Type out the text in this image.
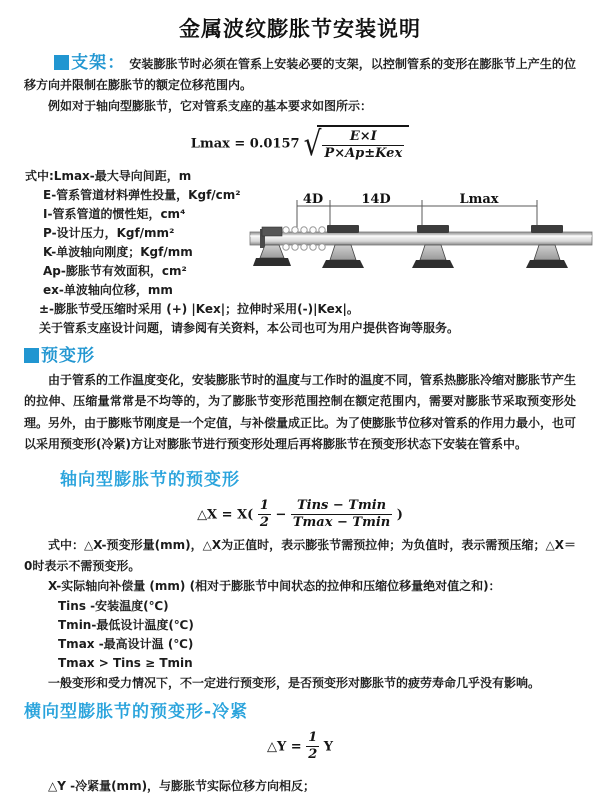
金属波纹膨胀节安装说明
支架： 安装膨胀节时必须在管系上安装必要的支架，以控制管系的变形在膨胀节上产生的位移方向并限制在膨胀节的额定位移范围内。
例如对于轴向型膨胀节，它对管系支座的基本要求如图所示：
Lmax = 0.0157 √ $\frac{E\times I}{\text{P×Ap±Kex}}$
式中:Lmax-最大导向间距，m
E-管系管道材料弹性投量，Kgf/cm²
I-管系管道的惯性矩，cm⁴
P-设计压力，Kgf/mm²
K-单波轴向刚度；Kgf/mm
Ap-膨胀节有效面积，cm²
ex-单波轴向位移，mm
±-膨胀节受压缩时采用 (+) |Kex|；拉伸时采用(-)|Kex|。
关于管系支座设计问题，请参阅有关资料，本公司也可为用户提供咨询等服务。
4D	14D	Lmax
预变形
由于管系的工作温度变化，安装膨胀节时的温度与工作时的温度不同，管系热膨胀冷缩对膨胀节产生的拉伸、压缩量常常是不均等的，为了膨胀节变形范围控制在额定范围内，需要对膨胀节采取预变形处理。另外，由于膨账节刚度是一个定值，与补偿量成正比。为了使膨胀节位移对管系的作用力最小，也可以采用预变形(冷紧)方让对膨胀节进行预变形处理后再将膨胀节在预变形状态下安装在管系中。
轴向型膨胀节的预变形
△X = $X( \frac{1}{2} - \frac{\text{Tins − Tmin}}{Tmax - Tmin}$ )
式中：△X-预变形量(mm)，△X为正值时，表示膨张节需预拉伸；为负值时，表示需预压缩；△X＝0时表示不需预变形。
X-实际轴向补偿量 (mm) (相对于膨胀节中间状态的拉伸和压缩位移量绝对值之和)：
Tins -安装温度(℃)
Tmin-最低设计温度(℃)
Tmax -最高设计温 (℃)
Tmax > Tins ≥ Tmin
一般变形和受力情况下，不一定进行预变形，是否预变形对膨胀节的疲劳寿命几乎没有影响。
横向型膨胀节的预变形-冷紧
△Y = $\frac{1}{2}$ Y
△Y -冷紧量(mm)，与膨胀节实际位移方向相反；
